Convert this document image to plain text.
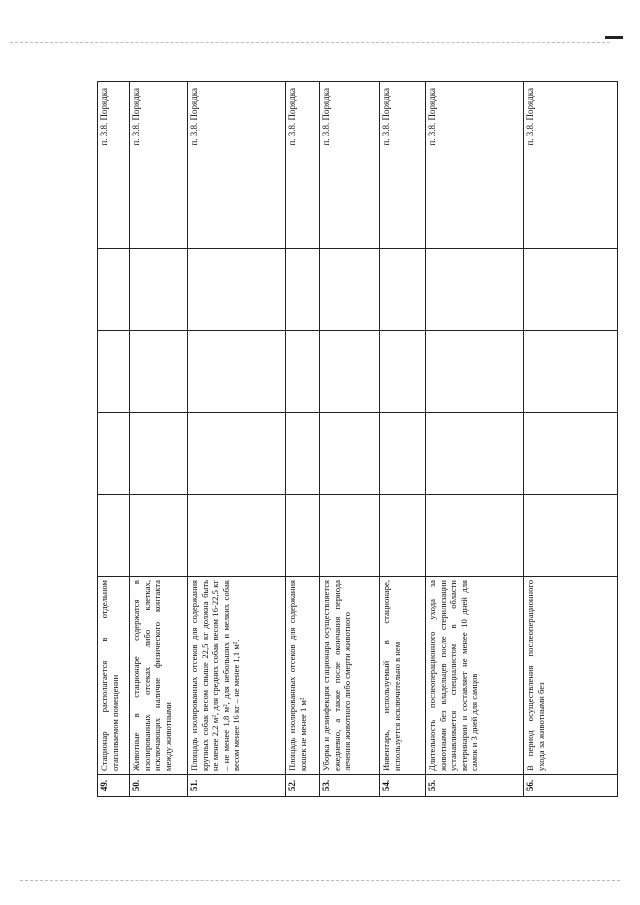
49.	Стационар располагается в отдельном отапливаемом помещении					п. 3.8. Порядка
50.	Животные в стационаре содержатся в изолированных отсеках либо клетках, исключающих наличие физического контакта между животными					п. 3.8. Порядка
51.	Площадь изолированных отсеков для содержания крупных собак весом свыше 22,5 кг должна быть не менее 2,2 м², для средних собак весом 16-22,5 кг – не менее 1,8 м², для небольших и мелких собак весом менее 16 кг – не менее 1,1 м².					п. 3.8. Порядка
52.	Площадь изолированных отсеков для содержания кошек не менее 1 м²					п. 3.8. Порядка
53.	Уборка и дезинфекция стационара осуществляется ежедневно, а также после окончания периода лечения животного либо смерти животного					п. 3.8. Порядка
54.	Инвентарь, используемый в стационаре, используется исключительно в нем					п. 3.8. Порядка
55.	Длительность послеоперационного ухода за животными без владельцев после стерилизации устанавливается специалистом в области ветеринарии и составляет не менее 10 дней для самок и 3 дней для самцов					п. 3.8. Порядка
56.	В период осуществления послеоперационного ухода за животными без					п. 3.8. Порядка
